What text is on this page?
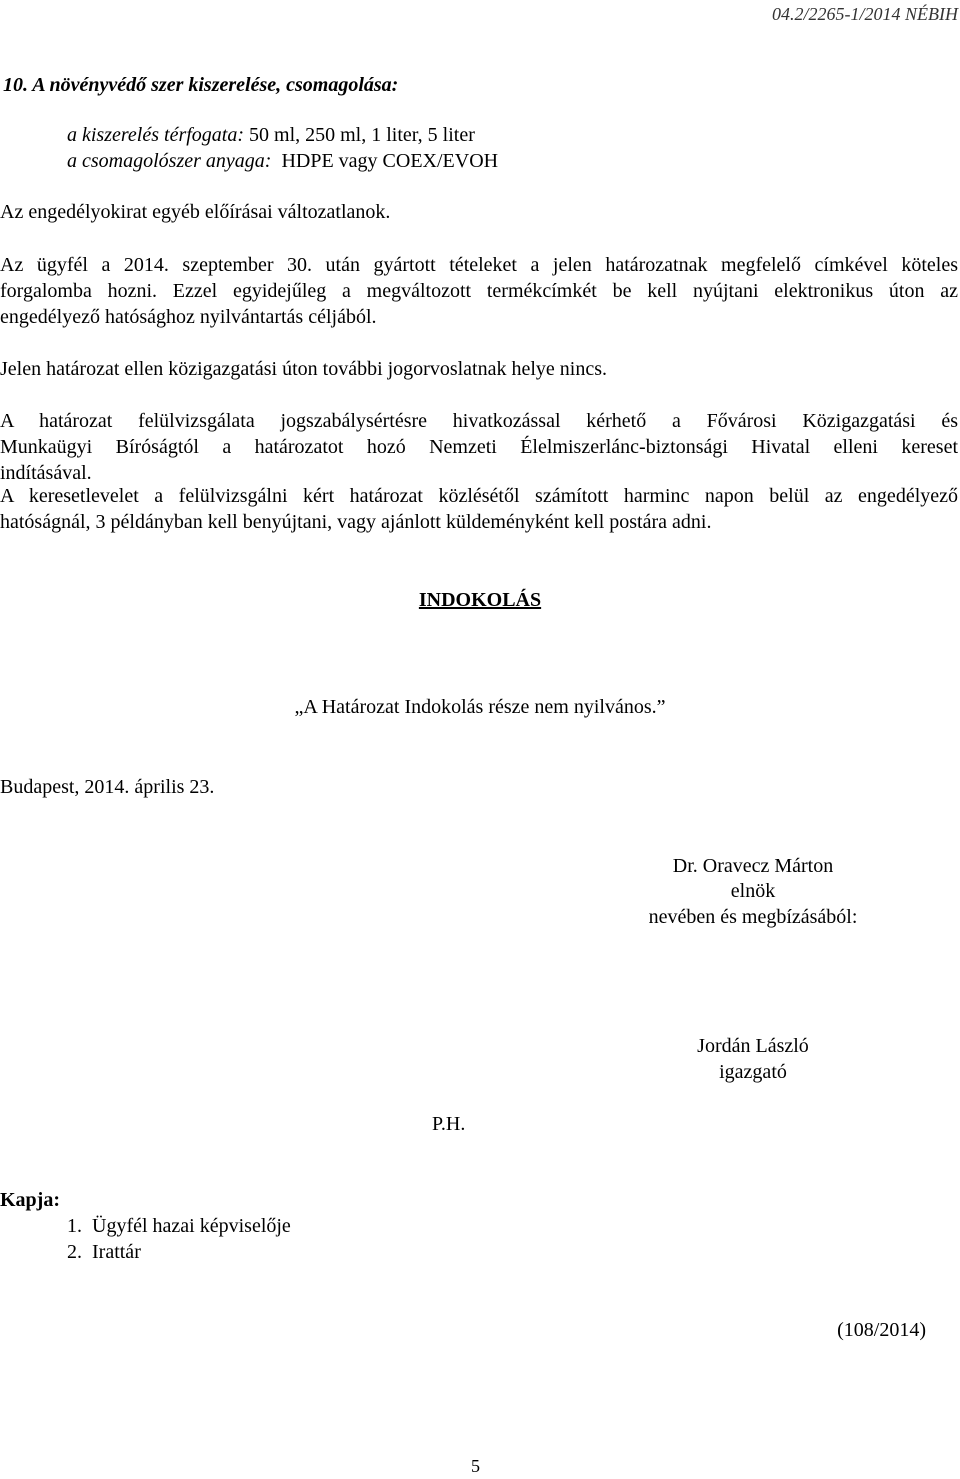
04.2/2265-1/2014 NÉBIH
10. A növényvédő szer kiszerelése, csomagolása:
a kiszerelés térfogata: 50 ml, 250 ml, 1 liter, 5 liter
a csomagolószer anyaga: HDPE vagy COEX/EVOH
Az engedélyokirat egyéb előírásai változatlanok.
Az ügyfél a 2014. szeptember 30. után gyártott tételeket a jelen határozatnak megfelelő címkével köteles
forgalomba hozni. Ezzel egyidejűleg a megváltozott termékcímkét be kell nyújtani elektronikus úton az
engedélyező hatósághoz nyilvántartás céljából.
Jelen határozat ellen közigazgatási úton további jogorvoslatnak helye nincs.
A határozat felülvizsgálata jogszabálysértésre hivatkozással kérhető a Fővárosi Közigazgatási és
Munkaügyi Bíróságtól a határozatot hozó Nemzeti Élelmiszerlánc-biztonsági Hivatal elleni kereset
indításával.
A keresetlevelet a felülvizsgálni kért határozat közlésétől számított harminc napon belül az engedélyező
hatóságnál, 3 példányban kell benyújtani, vagy ajánlott küldeményként kell postára adni.
INDOKOLÁS
„A Határozat Indokolás része nem nyilvános.”
Budapest, 2014. április 23.
Dr. Oravecz Márton
elnök
nevében és megbízásából:
Jordán László
igazgató
P.H.
Kapja:
1. Ügyfél hazai képviselője
2. Irattár
(108/2014)
5
